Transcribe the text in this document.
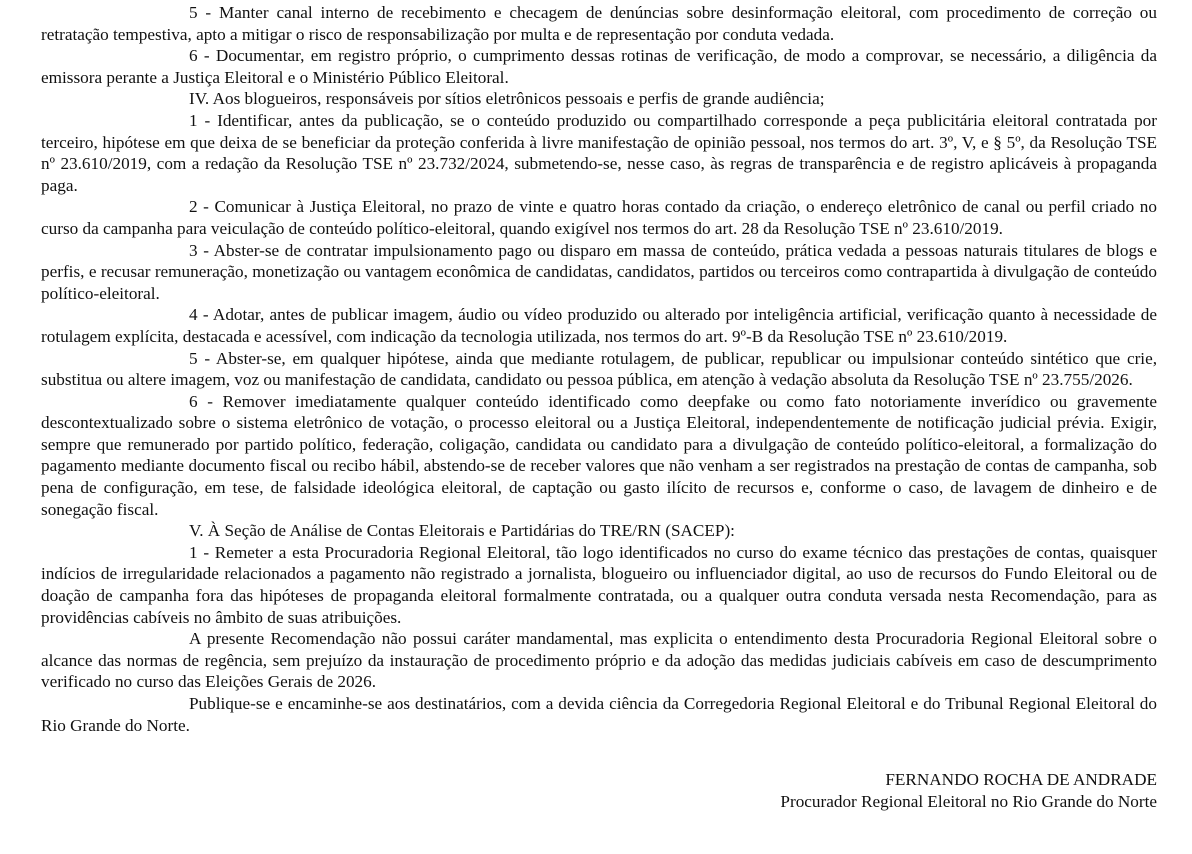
5 - Manter canal interno de recebimento e checagem de denúncias sobre desinformação eleitoral, com procedimento de correção ou retratação tempestiva, apto a mitigar o risco de responsabilização por multa e de representação por conduta vedada.

6 - Documentar, em registro próprio, o cumprimento dessas rotinas de verificação, de modo a comprovar, se necessário, a diligência da emissora perante a Justiça Eleitoral e o Ministério Público Eleitoral.

IV. Aos blogueiros, responsáveis por sítios eletrônicos pessoais e perfis de grande audiência;

1 - Identificar, antes da publicação, se o conteúdo produzido ou compartilhado corresponde a peça publicitária eleitoral contratada por terceiro, hipótese em que deixa de se beneficiar da proteção conferida à livre manifestação de opinião pessoal, nos termos do art. 3º, V, e § 5º, da Resolução TSE nº 23.610/2019, com a redação da Resolução TSE nº 23.732/2024, submetendo-se, nesse caso, às regras de transparência e de registro aplicáveis à propaganda paga.

2 - Comunicar à Justiça Eleitoral, no prazo de vinte e quatro horas contado da criação, o endereço eletrônico de canal ou perfil criado no curso da campanha para veiculação de conteúdo político-eleitoral, quando exigível nos termos do art. 28 da Resolução TSE nº 23.610/2019.

3 - Abster-se de contratar impulsionamento pago ou disparo em massa de conteúdo, prática vedada a pessoas naturais titulares de blogs e perfis, e recusar remuneração, monetização ou vantagem econômica de candidatas, candidatos, partidos ou terceiros como contrapartida à divulgação de conteúdo político-eleitoral.

4 - Adotar, antes de publicar imagem, áudio ou vídeo produzido ou alterado por inteligência artificial, verificação quanto à necessidade de rotulagem explícita, destacada e acessível, com indicação da tecnologia utilizada, nos termos do art. 9º-B da Resolução TSE nº 23.610/2019.

5 - Abster-se, em qualquer hipótese, ainda que mediante rotulagem, de publicar, republicar ou impulsionar conteúdo sintético que crie, substitua ou altere imagem, voz ou manifestação de candidata, candidato ou pessoa pública, em atenção à vedação absoluta da Resolução TSE nº 23.755/2026.

6 - Remover imediatamente qualquer conteúdo identificado como deepfake ou como fato notoriamente inverídico ou gravemente descontextualizado sobre o sistema eletrônico de votação, o processo eleitoral ou a Justiça Eleitoral, independentemente de notificação judicial prévia. Exigir, sempre que remunerado por partido político, federação, coligação, candidata ou candidato para a divulgação de conteúdo político-eleitoral, a formalização do pagamento mediante documento fiscal ou recibo hábil, abstendo-se de receber valores que não venham a ser registrados na prestação de contas de campanha, sob pena de configuração, em tese, de falsidade ideológica eleitoral, de captação ou gasto ilícito de recursos e, conforme o caso, de lavagem de dinheiro e de sonegação fiscal.

V. À Seção de Análise de Contas Eleitorais e Partidárias do TRE/RN (SACEP):

1 - Remeter a esta Procuradoria Regional Eleitoral, tão logo identificados no curso do exame técnico das prestações de contas, quaisquer indícios de irregularidade relacionados a pagamento não registrado a jornalista, blogueiro ou influenciador digital, ao uso de recursos do Fundo Eleitoral ou de doação de campanha fora das hipóteses de propaganda eleitoral formalmente contratada, ou a qualquer outra conduta versada nesta Recomendação, para as providências cabíveis no âmbito de suas atribuições.

A presente Recomendação não possui caráter mandamental, mas explicita o entendimento desta Procuradoria Regional Eleitoral sobre o alcance das normas de regência, sem prejuízo da instauração de procedimento próprio e da adoção das medidas judiciais cabíveis em caso de descumprimento verificado no curso das Eleições Gerais de 2026.

Publique-se e encaminhe-se aos destinatários, com a devida ciência da Corregedoria Regional Eleitoral e do Tribunal Regional Eleitoral do Rio Grande do Norte.

FERNANDO ROCHA DE ANDRADE
Procurador Regional Eleitoral no Rio Grande do Norte
